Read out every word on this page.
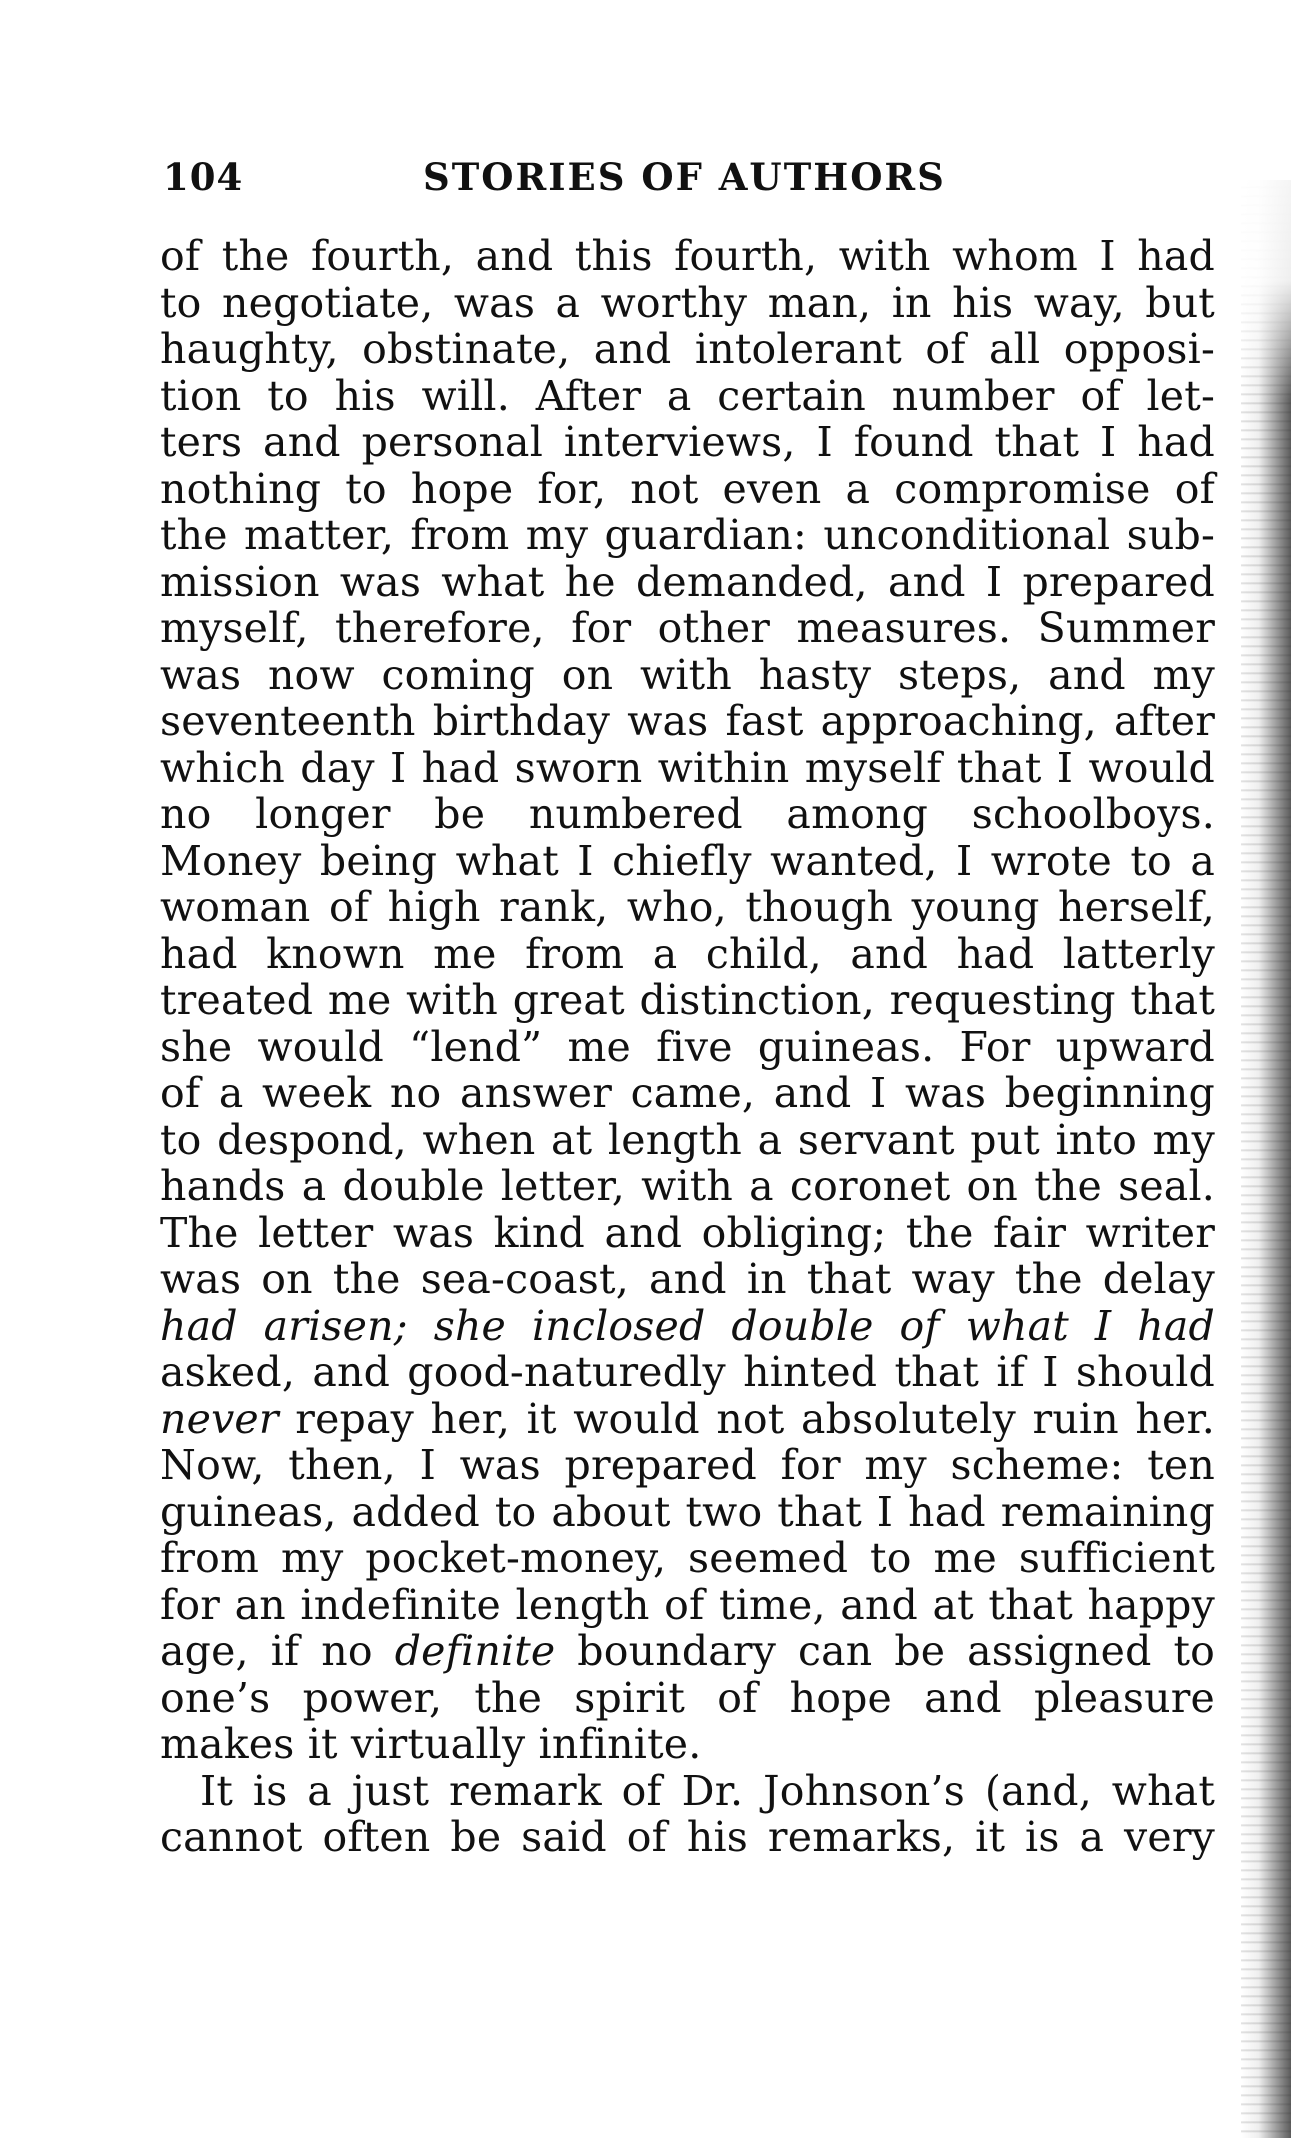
104	STORIES OF AUTHORS
of the fourth, and this fourth, with whom I had
to negotiate, was a worthy man, in his way, but
haughty, obstinate, and intolerant of all opposi-
tion to his will. After a certain number of let-
ters and personal interviews, I found that I had
nothing to hope for, not even a compromise of
the matter, from my guardian: unconditional sub-
mission was what he demanded, and I prepared
myself, therefore, for other measures. Summer
was now coming on with hasty steps, and my
seventeenth birthday was fast approaching, after
which day I had sworn within myself that I would
no longer be numbered among schoolboys.
Money being what I chiefly wanted, I wrote to a
woman of high rank, who, though young herself,
had known me from a child, and had latterly
treated me with great distinction, requesting that
she would “lend” me five guineas. For upward
of a week no answer came, and I was beginning
to despond, when at length a servant put into my
hands a double letter, with a coronet on the seal.
The letter was kind and obliging; the fair writer
was on the sea-coast, and in that way the delay
had arisen; she inclosed double of what I had
asked, and good-naturedly hinted that if I should
never repay her, it would not absolutely ruin her.
Now, then, I was prepared for my scheme: ten
guineas, added to about two that I had remaining
from my pocket-money, seemed to me sufficient
for an indefinite length of time, and at that happy
age, if no definite boundary can be assigned to
one’s power, the spirit of hope and pleasure
makes it virtually infinite.
It is a just remark of Dr. Johnson’s (and, what
cannot often be said of his remarks, it is a very
